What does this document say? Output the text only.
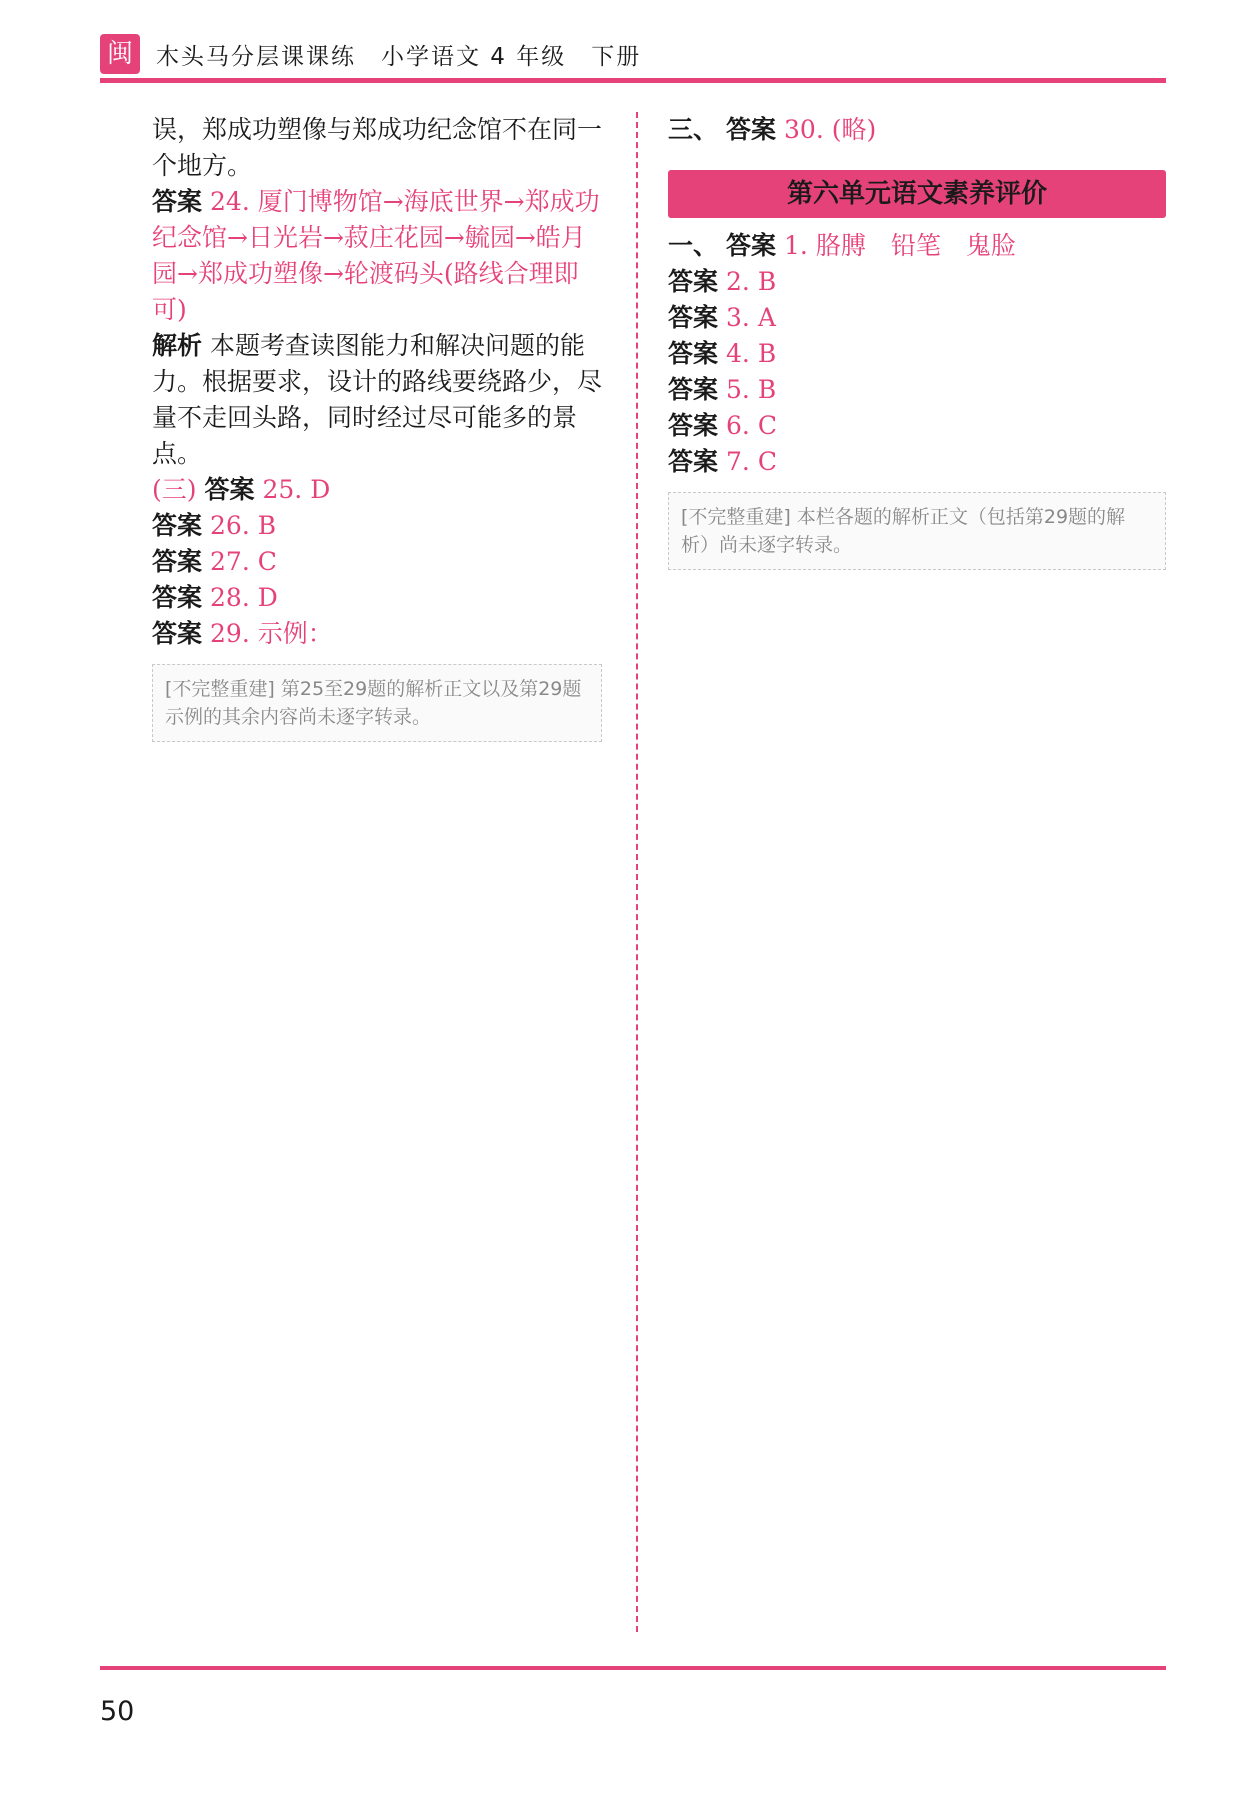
闽	木头马分层课课练　小学语文 4 年级　下册

误，郑成功塑像与郑成功纪念馆不在同一个地方。

答案 24. 厦门博物馆→海底世界→郑成功纪念馆→日光岩→菽庄花园→毓园→皓月园→郑成功塑像→轮渡码头(路线合理即可)

解析 本题考查读图能力和解决问题的能力。根据要求，设计的路线要绕路少，尽量不走回头路，同时经过尽可能多的景点。

(三) 答案 25. D

答案 26. B

答案 27. C

答案 28. D

答案 29. 示例：

[不完整重建] 第25至29题的解析正文以及第29题示例的其余内容尚未逐字转录。

三、 答案 30. (略)

第六单元语文素养评价

一、 答案 1. 胳膊　铅笔　鬼脸

答案 2. B

答案 3. A

答案 4. B

答案 5. B

答案 6. C

答案 7. C

[不完整重建] 本栏各题的解析正文（包括第29题的解析）尚未逐字转录。
50
